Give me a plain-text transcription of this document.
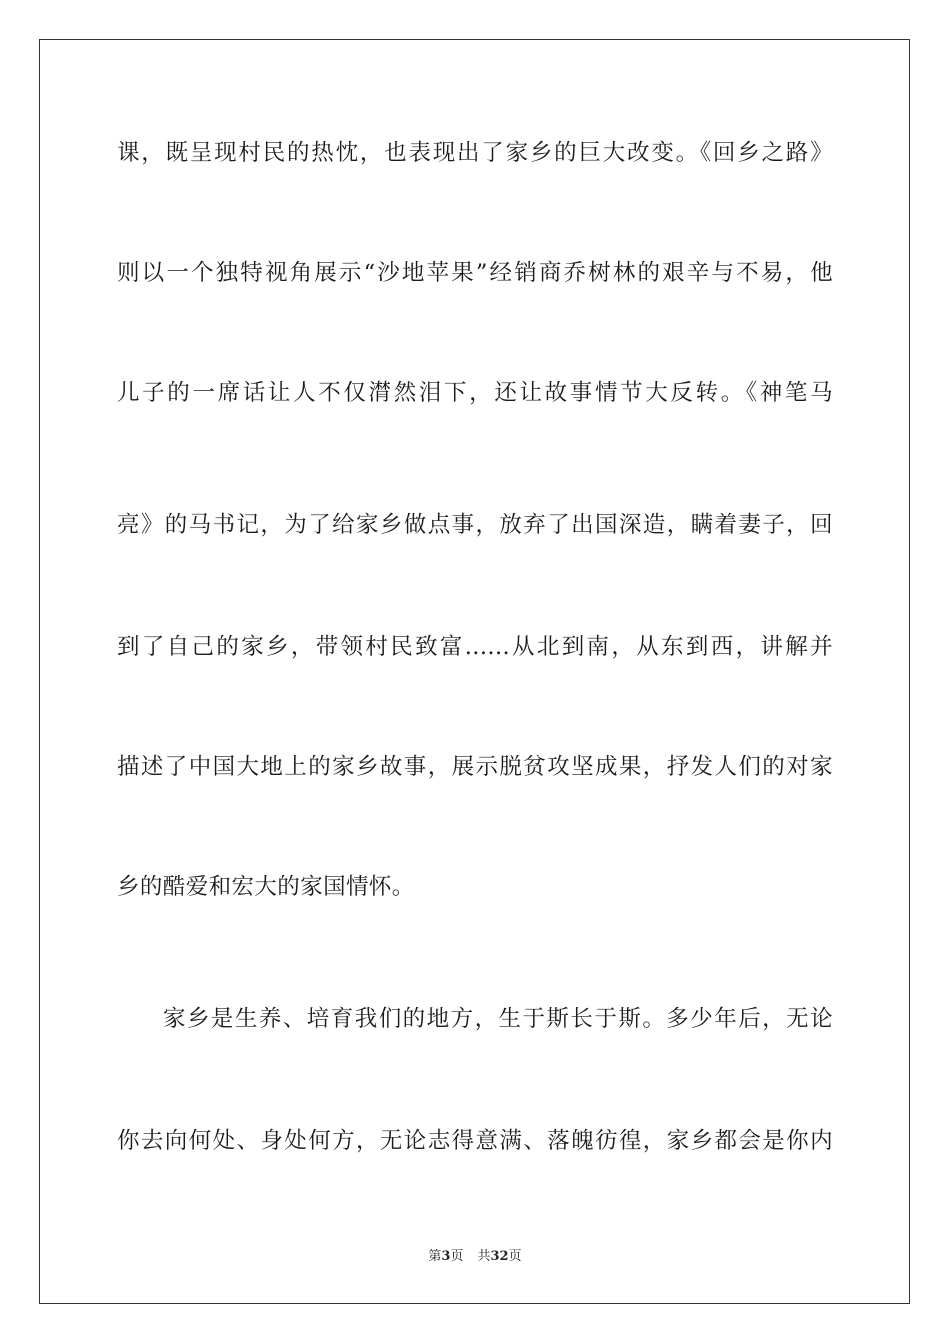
课，既呈现村民的热忱，也表现出了家乡的巨大改变。《回乡之路》
则以一个独特视角展示“沙地苹果”经销商乔树林的艰辛与不易，他
儿子的一席话让人不仅潸然泪下，还让故事情节大反转。《神笔马
亮》的马书记，为了给家乡做点事，放弃了出国深造，瞒着妻子，回
到了自己的家乡，带领村民致富......从北到南，从东到西，讲解并
描述了中国大地上的家乡故事，展示脱贫攻坚成果，抒发人们的对家
乡的酷爱和宏大的家国情怀。
家乡是生养、培育我们的地方，生于斯长于斯。多少年后，无论
你去向何处、身处何方，无论志得意满、落魄彷徨，家乡都会是你内
第3页 共32页
